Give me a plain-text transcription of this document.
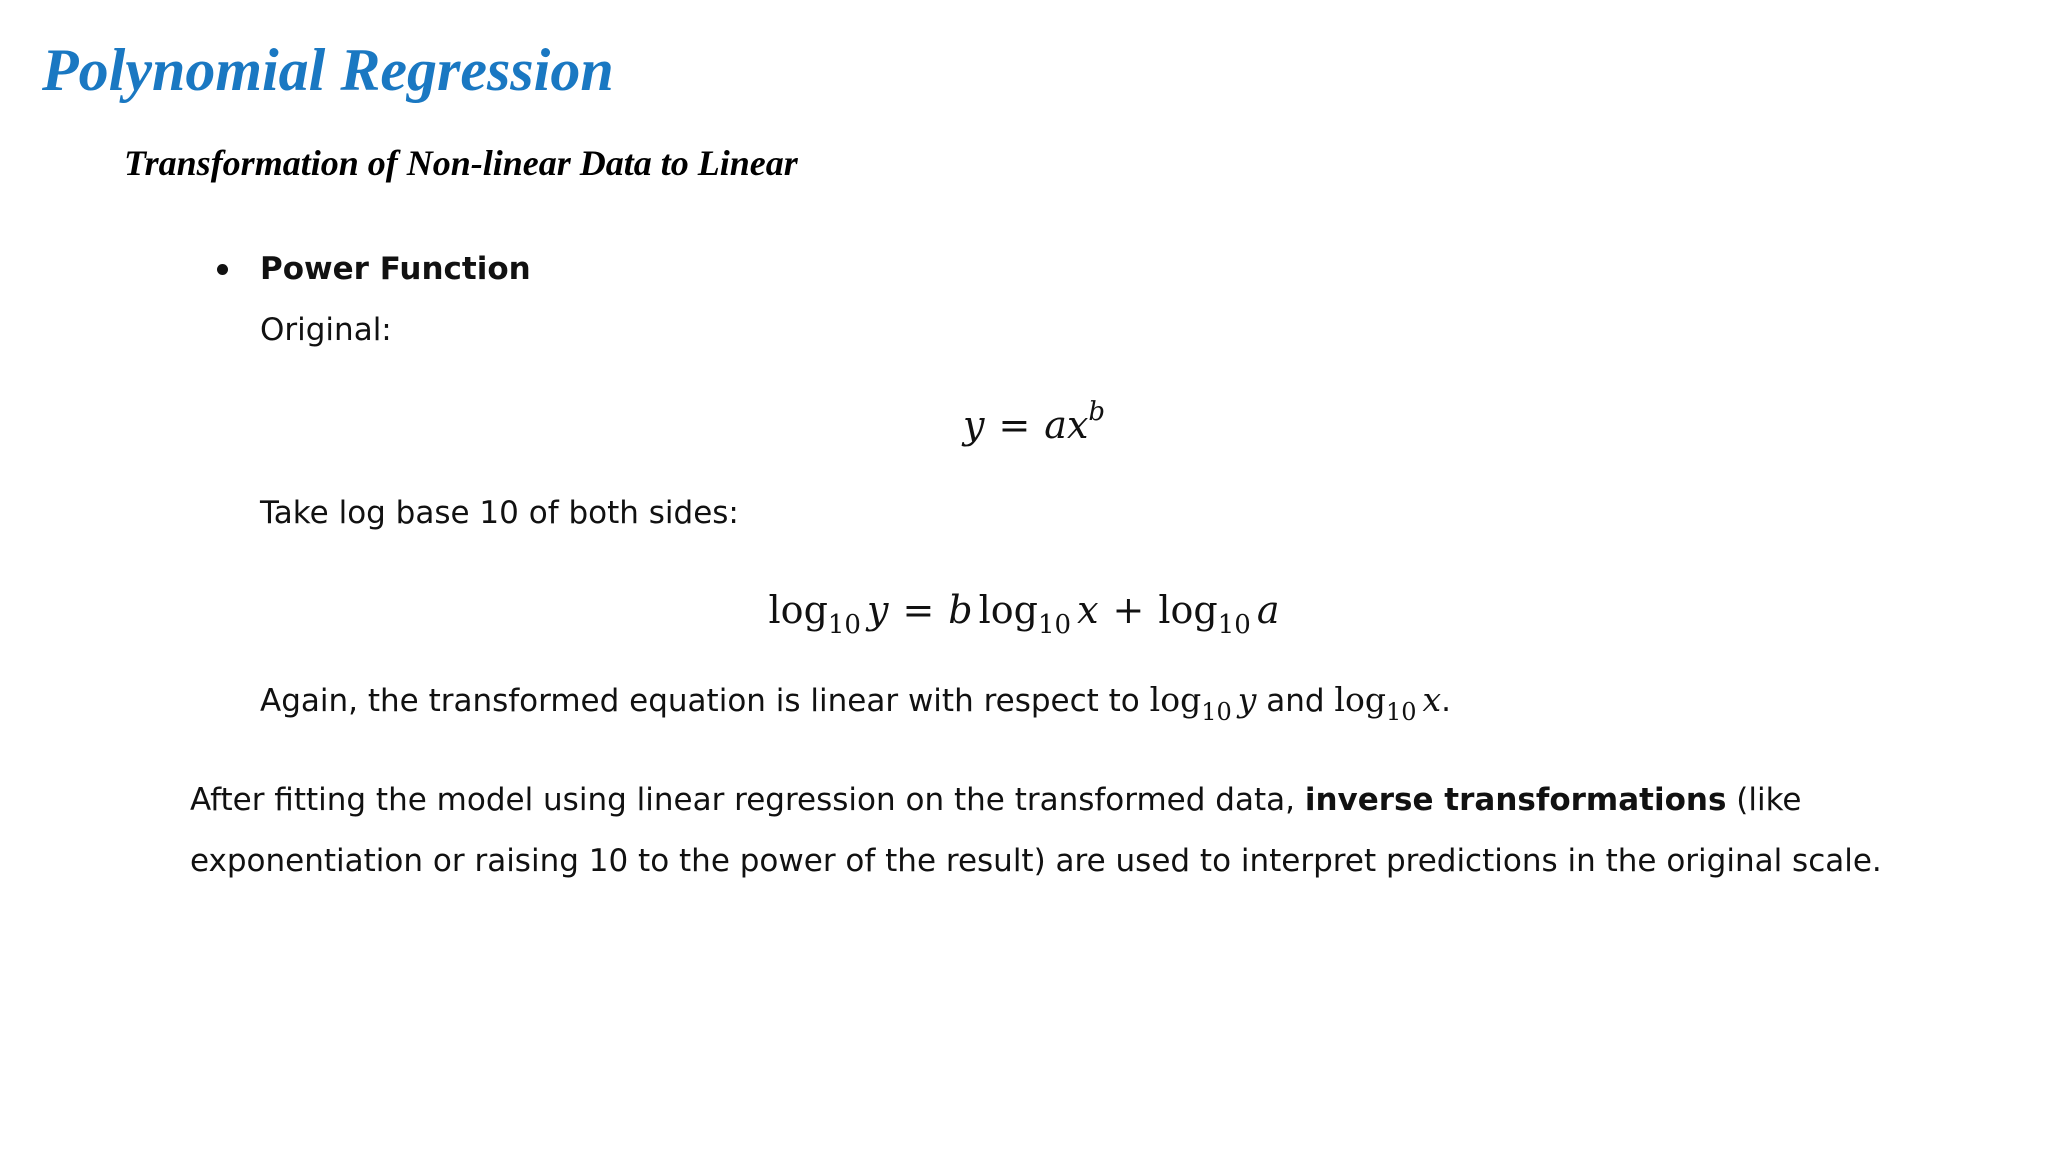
Polynomial Regression
Transformation of Non-linear Data to Linear

Power Function

Original:

$y = ax^b$

Take log base 10 of both sides:

$\log_{10} y = b$ $\log_{10} x + \log_{10} a$

Again, the transformed equation is linear with respect to $\log_{10} y$ and $\log_{10} x$.

After fitting the model using linear regression on the transformed data, inverse transformations (like exponentiation or raising 10 to the power of the result) are used to interpret predictions in the original scale.
